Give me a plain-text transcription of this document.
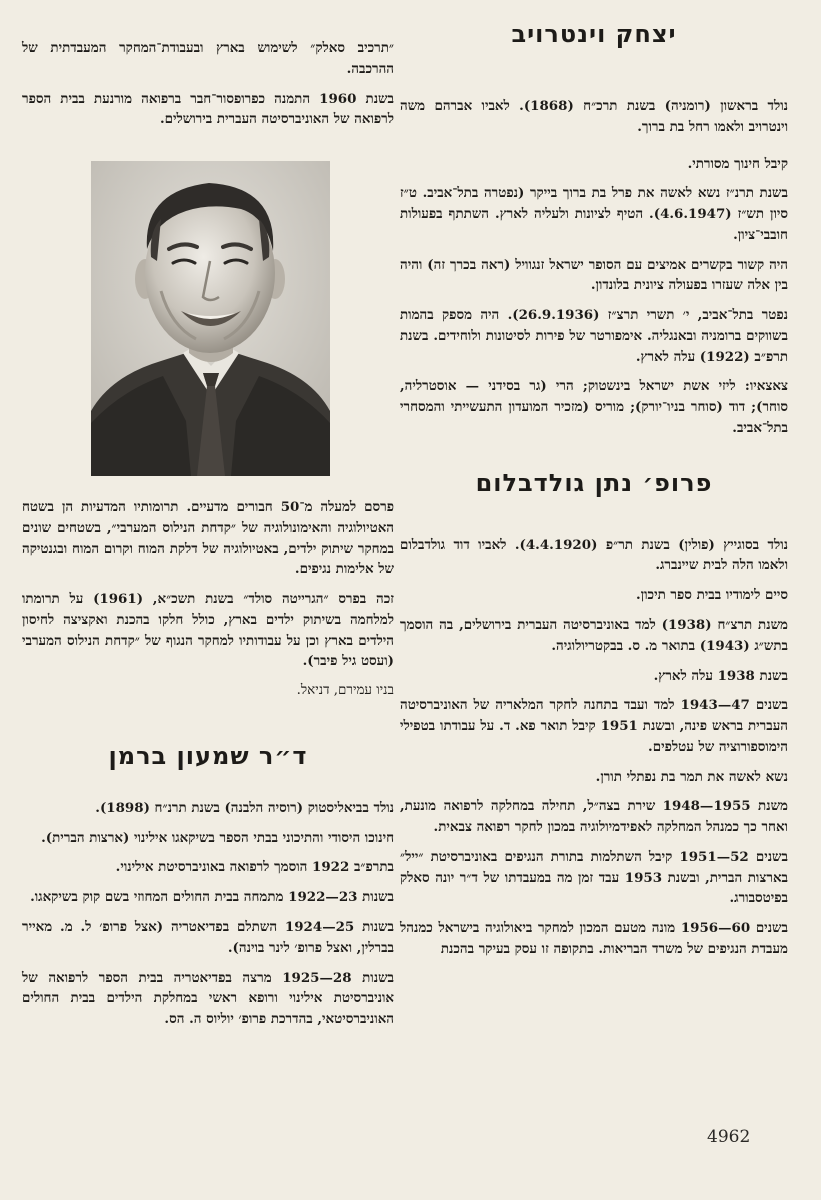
יצחק וינטרויב

נולד בראשון (רומניה) בשנת תרכ״ח (1868). לאביו אברהם משה וינטרויב ולאמו רחל בת ברוך.

קיבל חינוך מסורתי.

בשנת תרנ״ז נשא לאשה את פרל בת ברוך בייקר (נפטרה בתל־אביב. ט״ז סיון תש״ז (4.6.1947). הטיף לציונות ולעליה לארץ. השתתף בפעולות חובבי־ציון.

היה קשור בקשרים אמיצים עם הסופר ישראל זנגוויל (ראה בכרך זה) והיה בין אלה שעזרו בפעולה ציונית בלונדון.

נפטר בתל־אביב, י׳ תשרי תרצ״ז (26.9.1936). היה מספק בהמות בשווקים ברומניה ובאנגליה. אימפורטר של פירות לסיטונות ולוחידים. בשנת תרפ״ב (1922) עלה לארץ.

צאצאיו: ליזי אשת ישראל בינשטוק; הרי (גר בסידני — אוסטרליה, סוחר); דוד (סוחר בניו־יורק); מוריס (מזכיר המועדון התעשייתי והמסחרי בתל־אביב.

פרופ׳ נתן גולדבלום

נולד בסוגייץ (פולין) בשנת תר״פ (4.4.1920). לאביו דוד גולדבלום ולאמו הלה לבית שיינברג.

סיים לימודיו בבית ספר תיכון.

משנת תרצ״ח (1938) למד באוניברסיטה העברית בירושלים, בה הוסמך בתש״ג (1943) בתואר מ. ס. בבקטריולוגיה.

בשנת 1938 עלה לארץ.

בשנים 47—1943 למד ועבד בתחנה לחקר המלאריה של האוניברסיטה העברית בראש פינה, ובשנת 1951 קיבל תואר פא. ד. על עבודתו בטפילי הימוספורוציה של עטלפים.

נשא לאשה את תמר בת נפתלי תורן.

משנת 1955—1948 שירת בצה״ל, תחילה במחלקה לרפואה מונעת, ואחר כך כמנהל המחלקה לאפידמיולוגיה במכון לחקר רפואה צבאית.

בשנים 52—1951 קיבל השתלמות בתורת הנגיפים באוניברסיטת ״ייל״ בארצות הברית, ובשנת 1953 עבד זמן מה במעבדתו של ד״ר יונה סאלק בפיטסבורג.

בשנים 60—1956 מונה מטעם המכון למחקר ביאולוגיה בישראל כמנהל מעבדת הנגיפים של משרד הבריאות. בתקופה זו עסק בעיקר בהכנת

״תרכיב סאלק״ לשימוש בארץ ובעבודת־המחקר המעבדתית של ההרכבה.

בשנת 1960 התמנה כפרופסור־חבר ברפואה מורנעת בבית הספר לרפואה של האוניברסיטה העברית בירושלים.

פרסם למעלה מ־50 חבורים מדעיים. תרומותיו המדעיות הן בשטח האטיולוגיה והאימונולוגיה של ״קדחת הנילוס המערבי״, בשטחים שונים במחקר שיתוק ילדים, באטיולוגיה של דלקת המוח וקרום המוח ובגנטיקה של אלימות נגיפים.

זכה בפרס ״הגרייטה סולד״ בשנת תשכ״א, (1961) על תרומתו למלחמה בשיתוק ילדים בארץ, כולל חלקו בהכנת ואקציצה לחיסון הילדים בארץ וכן על עבודותיו למחקר הנגוף של ״קדחת הנילוס המערבי (ועסט גיל פיבר).

בניו עמירם, דניאל.

ד״ר שמעון ברמן

נולד בביאליסטוק (רוסיה הלבנה) בשנת תרנ״ח (1898).

חינוכו היסודי והתיכוני בבתי הספר בשיקאגו אילינוי (ארצות הברית).

בתרפ״ב 1922 הוסמך לרפואה באוניברסיטת אילינוי.

בשנות 23—1922 מתמחה בבית החולים המחוזי בשם קוק בשיקאגו.

בשנות 25—1924 השתלם בפדיאטריה (אצל פרופ׳ ל. מ. מאייר בברלין, ואצל פרופ׳ לינר בוינה).

בשנות 28—1925 מרצה בפדיאטריה בבית הספר לרפואה של אוניברסיטת אילינוי ורופא ראשי במחלקת הילדים בבית החולים האוניברסיטאי, בהדרכת פרופ׳ יוליוס ה. הס.

4962
